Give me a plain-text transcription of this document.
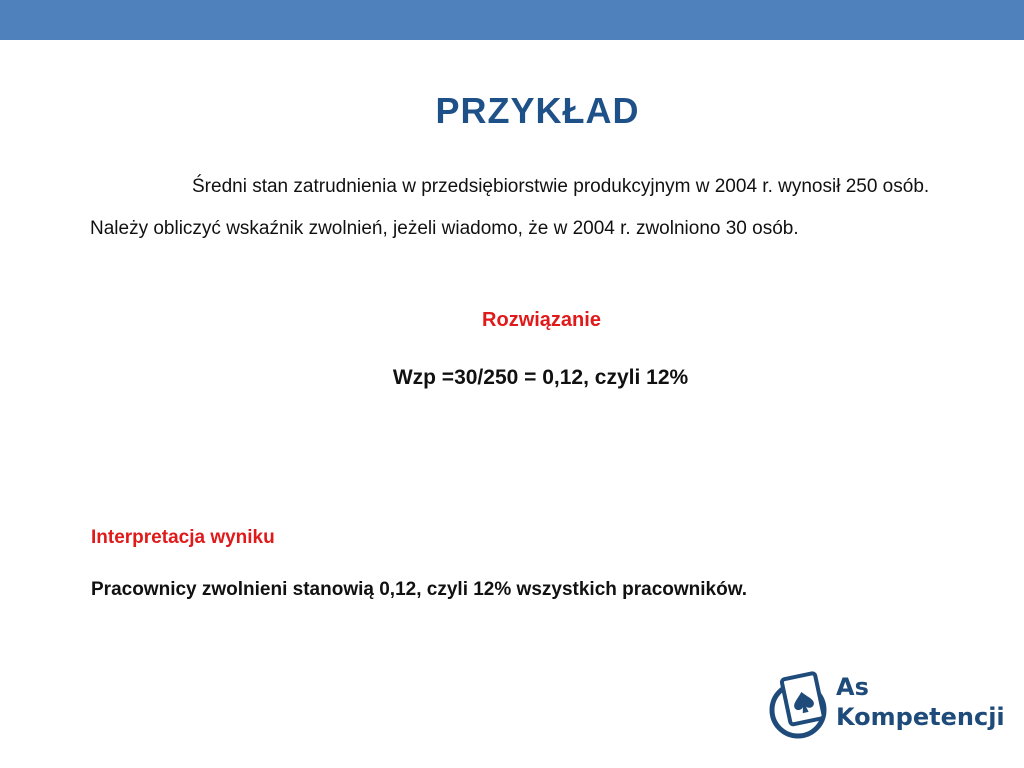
PRZYKŁAD

Średni stan zatrudnienia w przedsiębiorstwie produkcyjnym w 2004 r. wynosił 250 osób. Należy obliczyć wskaźnik zwolnień, jeżeli wiadomo, że w 2004 r. zwolniono 30 osób.

Rozwiązanie

Wzp =30/250 = 0,12, czyli 12%

Interpretacja wyniku

Pracownicy zwolnieni stanowią 0,12, czyli 12% wszystkich pracowników.

As
Kompetencji
